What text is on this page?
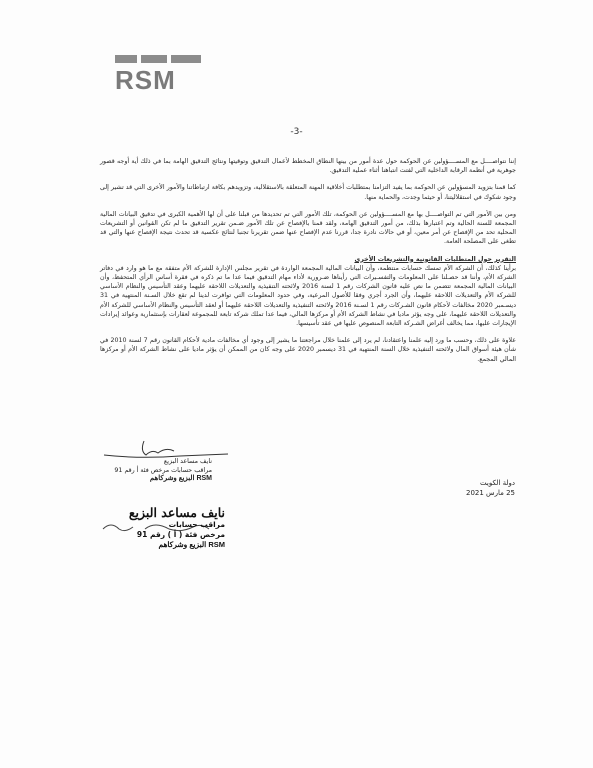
RSM
-3-

إننا نتواصــــل مع المســــؤولين عن الحوكمة حول عدة أمور من بينها النطاق المخطط لأعمال التدقيق وتوقيتها ونتائج التدقيق الهامة بما في ذلك أية أوجه قصور جوهرية في أنظمة الرقابة الداخلية التي لفتت انتباهنا أثناء عملية التدقيق.

كما قمنا بتزويد المسؤولين عن الحوكمة بما يفيد التزامنا بمتطلبات أخلاقية المهنة المتعلقة بالاستقلالية، وتزويدهم بكافة ارتباطاتنا والأمور الأخرى التي قد تشير إلى وجود شكوك في استقلاليتنا، أو حيثما وجدت، والحماية منها.

ومن بين الأمور التي تم التواصــــل بها مع المســــؤولين عن الحوكمة، تلك الأمور التي تم تحديدها من قبلنا على أن لها الأهمية الكبرى في تدقيق البيانات المالية المجمعة للسنة الحالية وتم اعتبارها بذلك، من أمور التدقيق الهامة، ولقد قمنا بالإفصاح عن تلك الأمور ضـمن تقرير التدقيق ما لم تكن القوانين أو التشريعات المحلية تحد من الإفصاح عن أمر معين، أو في حالات نادرة جدا، قررنا عدم الإفصاح عنها ضمن تقريرنا تجنبا لنتائج عكسية قد تحدث نتيجة الإفصاح عنها والتي قد تطغى على المصلحة العامة.

التقرير حول المتطلبات القانونية والتشريعات الأخرى

برأينا كذلك، أن الشركة الأم تمسك حسابات منتظمة، وأن البيانات المالية المجمعة الواردة في تقرير مجلس الإدارة للشركة الأم متفقة مع ما هو وارد في دفاتر الشركة الأم، وأننا قد حصـلنا على المعلومات والتفسـيرات التي رأيناها ضـرورية لأداء مهام التدقيق فيما عدا ما تم ذكره في فقرة أساس الرأي المتحفظ، وأن البيانات المالية المجمعة تتضمن ما نص عليه قانون الشركات رقم 1 لسنة 2016 ولائحته التنفيذية والتعديلات اللاحقة عليهما وعقد التأسيس والنظام الأساسي للشركة الأم والتعديلات اللاحقة عليهما، وأن الجرد أجري وفقا للأصول المرعية، وفي حدود المعلومات التي توافرت لدينا لم تقع خلال السـنة المنتهية في 31 ديسـمبر 2020 مخالفات لأحكام قانون الشـركات رقم 1 لسـنة 2016 ولائحته التنفيذية والتعديلات اللاحقة عليهما أو لعقد التأسيس والنظام الأساسي للشركة الأم والتعديلات اللاحقة عليهما، على وجه يؤثر ماديا في نشاط الشركة الأم أو مركزها المالي، فيما عدا تملك شركة تابعة للمجموعة لعقارات بإستثمارية وعوائد إيرادات الإيجارات عليها، مما يخالف أغراض الشـركة التابعة المنصوص عليها في عقد تأسيسها.

علاوة على ذلك، وحسب ما ورد إليه علمنا واعتقادنا، لم يرد إلى علمنا خلال مراجعتنا ما يشير إلى وجود أي مخالفات مادية لأحكام القانون رقم 7 لسنة 2010 في شأن هيئة أسواق المال ولائحته التنفيذية خلال السنة المنتهية في 31 ديسمبر 2020 على وجه كان من الممكن أن يؤثر ماديا على نشاط الشركة الأم أو مركزها المالي المجمع.

نايف مساعد البزيع
مراقب حسابات مرخص فئة أ رقم 91
RSM البزيع وشركاهم
دولة الكويت
25 مارس 2021
نايف مساعد البزيع
مراقب حسابات
مرخص فئة ( أ ) رقم 91
RSM البزيع وشركاهم
